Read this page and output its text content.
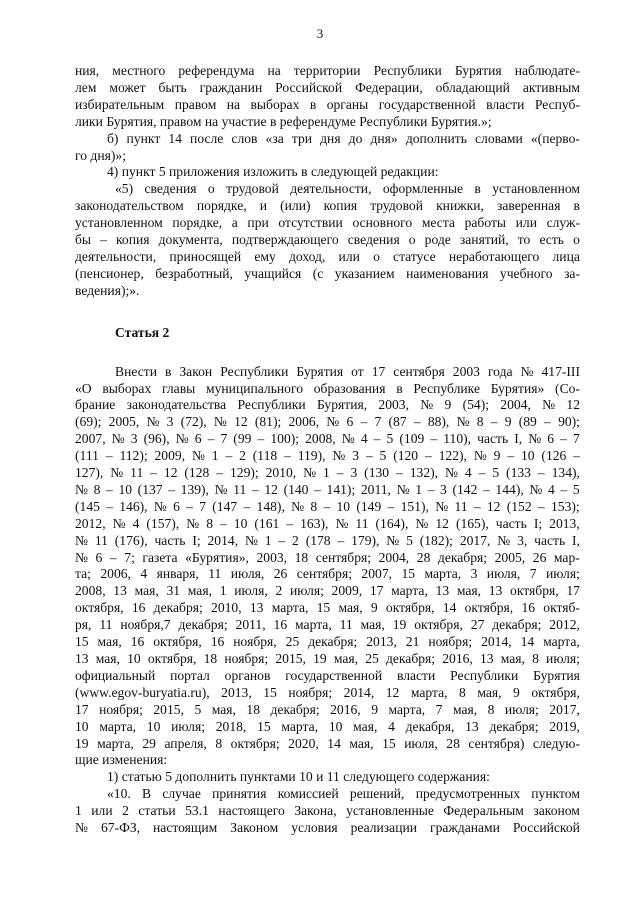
3
ния, местного референдума на территории Республики Бурятия наблюдате-
лем может быть гражданин Российской Федерации, обладающий активным
избирательным правом на выборах в органы государственной власти Респуб-
лики Бурятия, правом на участие в референдуме Республики Бурятия.»;
б) пункт 14 после слов «за три дня до дня» дополнить словами «(перво-
го дня)»;
4) пункт 5 приложения изложить в следующей редакции:
«5) сведения о трудовой деятельности, оформленные в установленном
законодательством порядке, и (или) копия трудовой книжки, заверенная в
установленном порядке, а при отсутствии основного места работы или служ-
бы – копия документа, подтверждающего сведения о роде занятий, то есть о
деятельности, приносящей ему доход, или о статусе неработающего лица
(пенсионер, безработный, учащийся (с указанием наименования учебного за-
ведения);».
Статья 2
Внести в Закон Республики Бурятия от 17 сентября 2003 года № 417-III
«О выборах главы муниципального образования в Республике Бурятия» (Со-
брание законодательства Республики Бурятия, 2003, № 9 (54); 2004, № 12
(69); 2005, № 3 (72), № 12 (81); 2006, № 6 – 7 (87 – 88), № 8 – 9 (89 – 90);
2007, № 3 (96), № 6 – 7 (99 – 100); 2008, № 4 – 5 (109 – 110), часть I, № 6 – 7
(111 – 112); 2009, № 1 – 2 (118 – 119), № 3 – 5 (120 – 122), № 9 – 10 (126 –
127), № 11 – 12 (128 – 129); 2010, № 1 – 3 (130 – 132), № 4 – 5 (133 – 134),
№ 8 – 10 (137 – 139), № 11 – 12 (140 – 141); 2011, № 1 – 3 (142 – 144), № 4 – 5
(145 – 146), № 6 – 7 (147 – 148), № 8 – 10 (149 – 151), № 11 – 12 (152 – 153);
2012, № 4 (157), № 8 – 10 (161 – 163), № 11 (164), № 12 (165), часть I; 2013,
№ 11 (176), часть I; 2014, № 1 – 2 (178 – 179), № 5 (182); 2017, № 3, часть I,
№ 6 – 7; газета «Бурятия», 2003, 18 сентября; 2004, 28 декабря; 2005, 26 мар-
та; 2006, 4 января, 11 июля, 26 сентября; 2007, 15 марта, 3 июля, 7 июля;
2008, 13 мая, 31 мая, 1 июля, 2 июля; 2009, 17 марта, 13 мая, 13 октября, 17
октября, 16 декабря; 2010, 13 марта, 15 мая, 9 октября, 14 октября, 16 октяб-
ря, 11 ноября,7 декабря; 2011, 16 марта, 11 мая, 19 октября, 27 декабря; 2012,
15 мая, 16 октября, 16 ноября, 25 декабря; 2013, 21 ноября; 2014, 14 марта,
13 мая, 10 октября, 18 ноября; 2015, 19 мая, 25 декабря; 2016, 13 мая, 8 июля;
официальный портал органов государственной власти Республики Бурятия
(www.egov-buryatia.ru), 2013, 15 ноября; 2014, 12 марта, 8 мая, 9 октября,
17 ноября; 2015, 5 мая, 18 декабря; 2016, 9 марта, 7 мая, 8 июля; 2017,
10 марта, 10 июля; 2018, 15 марта, 10 мая, 4 декабря, 13 декабря; 2019,
19 марта, 29 апреля, 8 октября; 2020, 14 мая, 15 июля, 28 сентября) следую-
щие изменения:
1) статью 5 дополнить пунктами 10 и 11 следующего содержания:
«10. В случае принятия комиссией решений, предусмотренных пунктом
1 или 2 статьи 53.1 настоящего Закона, установленные Федеральным законом
№ 67-ФЗ, настоящим Законом условия реализации гражданами Российской
